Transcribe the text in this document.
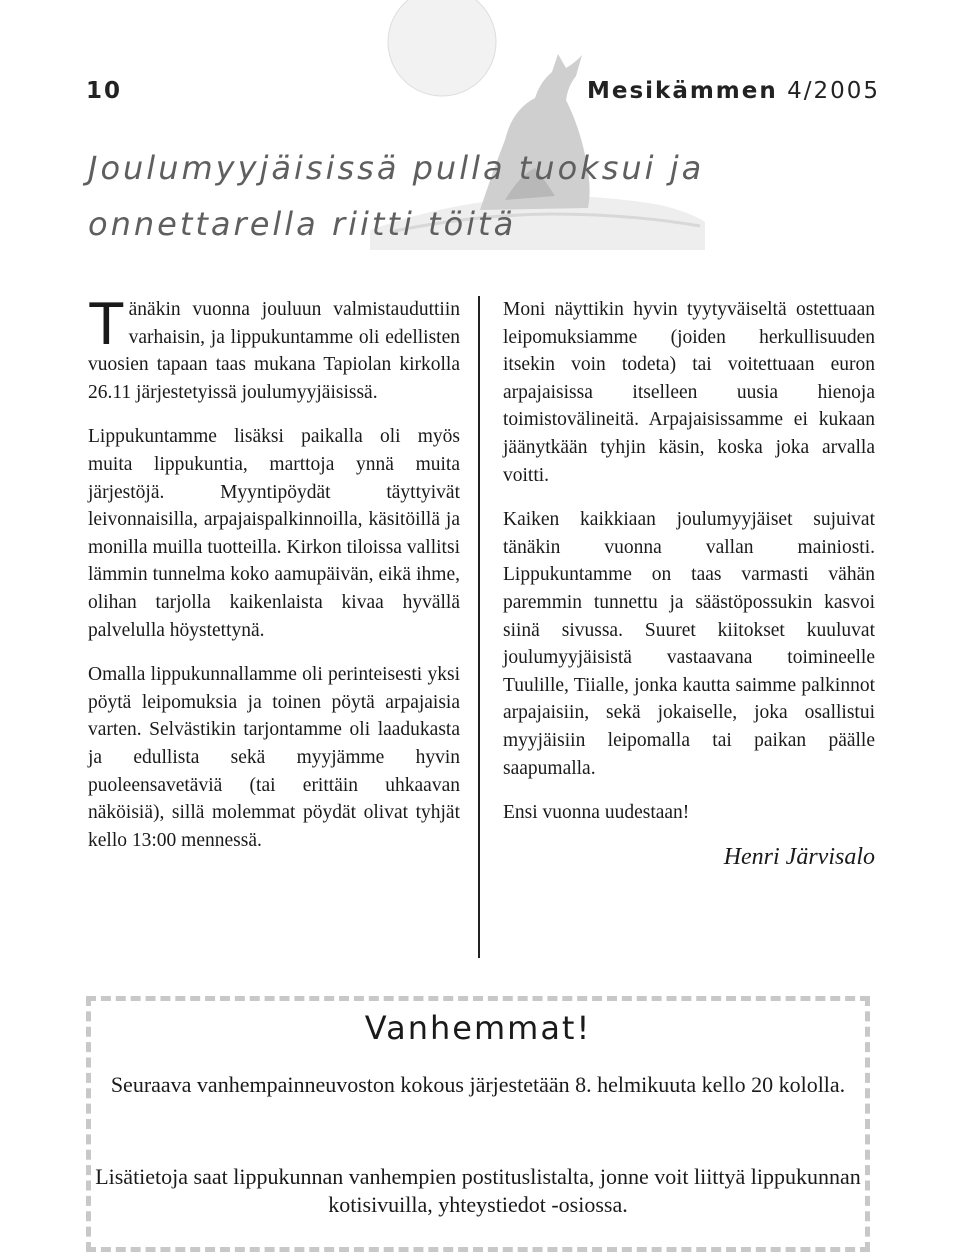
10	Mesikämmen 4/2005
Joulumyyjäisissä pulla tuoksui ja
onnettarella riitti töitä

Tänäkin vuonna jouluun valmistauduttiin varhaisin, ja lippukuntamme oli edellisten vuosien tapaan taas mukana Tapiolan kirkolla 26.11 järjestetyissä joulumyyjäisissä.

Lippukuntamme lisäksi paikalla oli myös muita lippukuntia, marttoja ynnä muita järjestöjä. Myyntipöydät täyttyivät leivonnaisilla, arpajaispalkinnoilla, käsitöillä ja monilla muilla tuotteilla. Kirkon tiloissa vallitsi lämmin tunnelma koko aamupäivän, eikä ihme, olihan tarjolla kaikenlaista kivaa hyvällä palvelulla höystettynä.

Omalla lippukunnallamme oli perinteisesti yksi pöytä leipomuksia ja toinen pöytä arpajaisia varten. Selvästikin tarjontamme oli laadukasta ja edullista sekä myyjämme hyvin puoleensavetäviä (tai erittäin uhkaavan näköisiä), sillä molemmat pöydät olivat tyhjät kello 13:00 mennessä.

Moni näyttikin hyvin tyytyväiseltä ostettuaan leipomuksiamme (joiden herkullisuuden itsekin voin todeta) tai voitettuaan euron arpajaisissa itselleen uusia hienoja toimistovälineitä. Arpajaisissamme ei kukaan jäänytkään tyhjin käsin, koska joka arvalla voitti.

Kaiken kaikkiaan joulumyyjäiset sujuivat tänäkin vuonna vallan mainiosti. Lippukuntamme on taas varmasti vähän paremmin tunnettu ja säästöpossukin kasvoi siinä sivussa. Suuret kiitokset kuuluvat joulumyyjäisistä vastaavana toimineelle Tuulille, Tiialle, jonka kautta saimme palkinnot arpajaisiin, sekä jokaiselle, joka osallistui myyjäisiin leipomalla tai paikan päälle saapumalla.

Ensi vuonna uudestaan!

Henri Järvisalo

Vanhemmat!

Seuraava vanhempainneuvoston kokous järjestetään 8. helmikuuta kello 20 kololla.

Lisätietoja saat lippukunnan vanhempien postituslistalta, jonne voit liittyä lippukunnan kotisivuilla, yhteystiedot -osiossa.
